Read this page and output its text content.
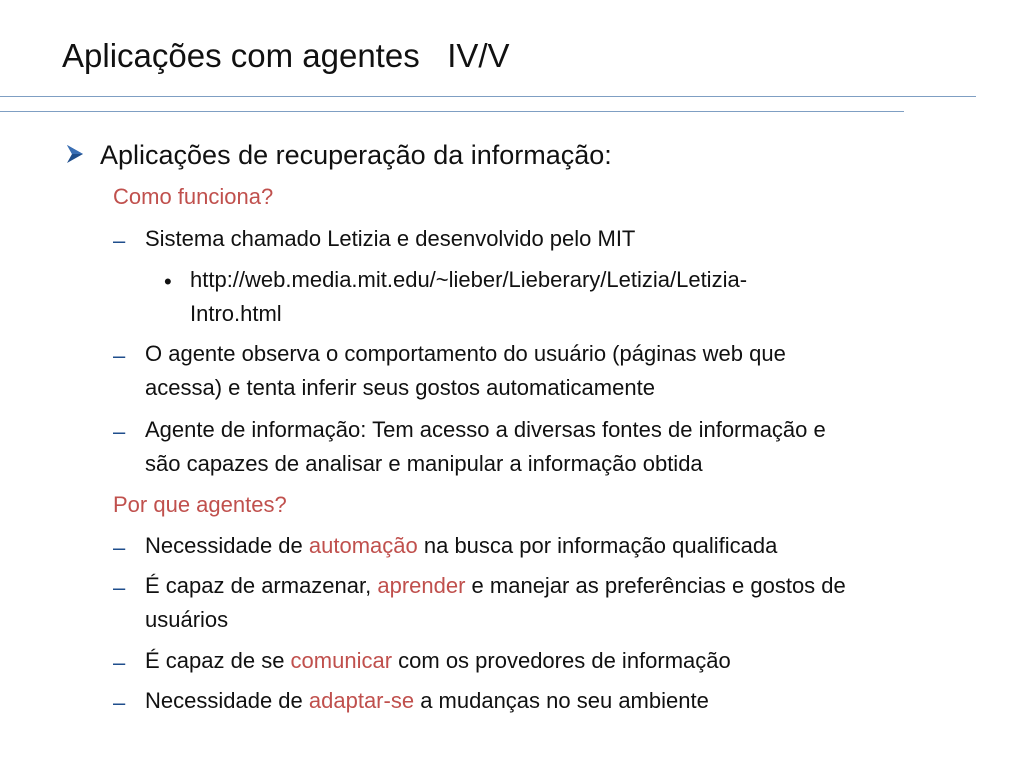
Aplicações com agentes   IV/V
Aplicações de recuperação da informação:
Como funciona?
– Sistema chamado Letizia e desenvolvido pelo MIT
• http://web.media.mit.edu/~lieber/Lieberary/Letizia/Letizia-
Intro.html
– O agente observa o comportamento do usuário (páginas web que
acessa) e tenta inferir seus gostos automaticamente
– Agente de informação: Tem acesso a diversas fontes de informação e
são capazes de analisar e manipular a informação obtida
Por que agentes?
– Necessidade de automação na busca por informação qualificada
– É capaz de armazenar, aprender e manejar as preferências e gostos de
usuários
– É capaz de se comunicar com os provedores de informação
– Necessidade de adaptar-se a mudanças no seu ambiente
